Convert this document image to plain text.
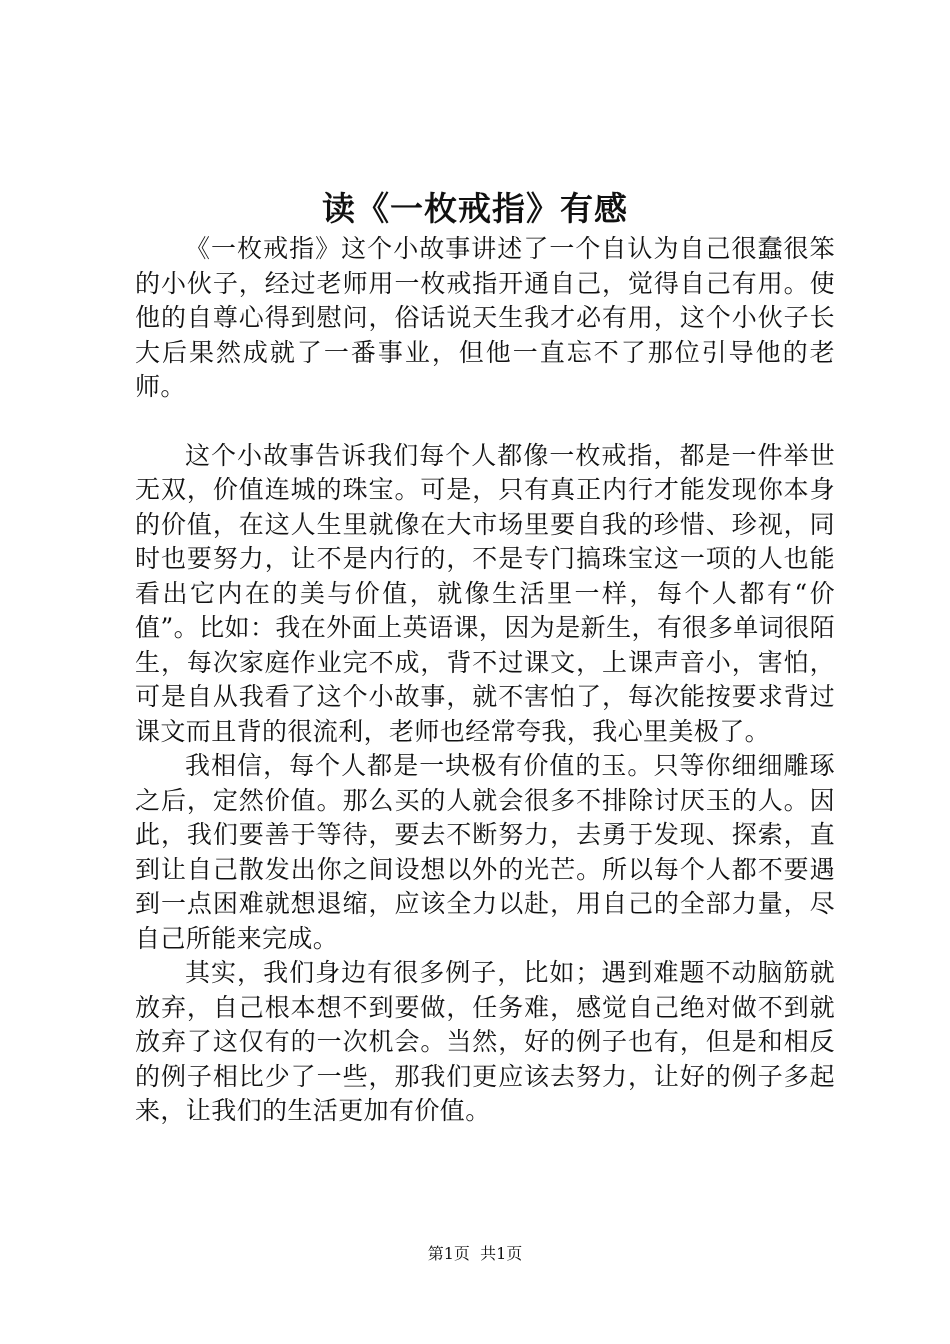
读《一枚戒指》有感

《一枚戒指》这个小故事讲述了一个自认为自己很蠢很笨的小伙子，经过老师用一枚戒指开通自己，觉得自己有用。使他的自尊心得到慰问，俗话说天生我才必有用，这个小伙子长大后果然成就了一番事业，但他一直忘不了那位引导他的老师。

这个小故事告诉我们每个人都像一枚戒指，都是一件举世无双，价值连城的珠宝。可是，只有真正内行才能发现你本身的价值，在这人生里就像在大市场里要自我的珍惜、珍视，同时也要努力，让不是内行的，不是专门搞珠宝这一项的人也能看出它内在的美与价值，就像生活里一样，每个人都有“价值”。比如：我在外面上英语课，因为是新生，有很多单词很陌生，每次家庭作业完不成，背不过课文，上课声音小，害怕，可是自从我看了这个小故事，就不害怕了，每次能按要求背过课文而且背的很流利，老师也经常夸我，我心里美极了。

我相信，每个人都是一块极有价值的玉。只等你细细雕琢之后，定然价值。那么买的人就会很多不排除讨厌玉的人。因此，我们要善于等待，要去不断努力，去勇于发现、探索，直到让自己散发出你之间设想以外的光芒。所以每个人都不要遇到一点困难就想退缩，应该全力以赴，用自己的全部力量，尽自己所能来完成。

其实，我们身边有很多例子，比如；遇到难题不动脑筋就放弃，自己根本想不到要做，任务难，感觉自己绝对做不到就放弃了这仅有的一次机会。当然，好的例子也有，但是和相反的例子相比少了一些，那我们更应该去努力，让好的例子多起来，让我们的生活更加有价值。

第1页 共1页
